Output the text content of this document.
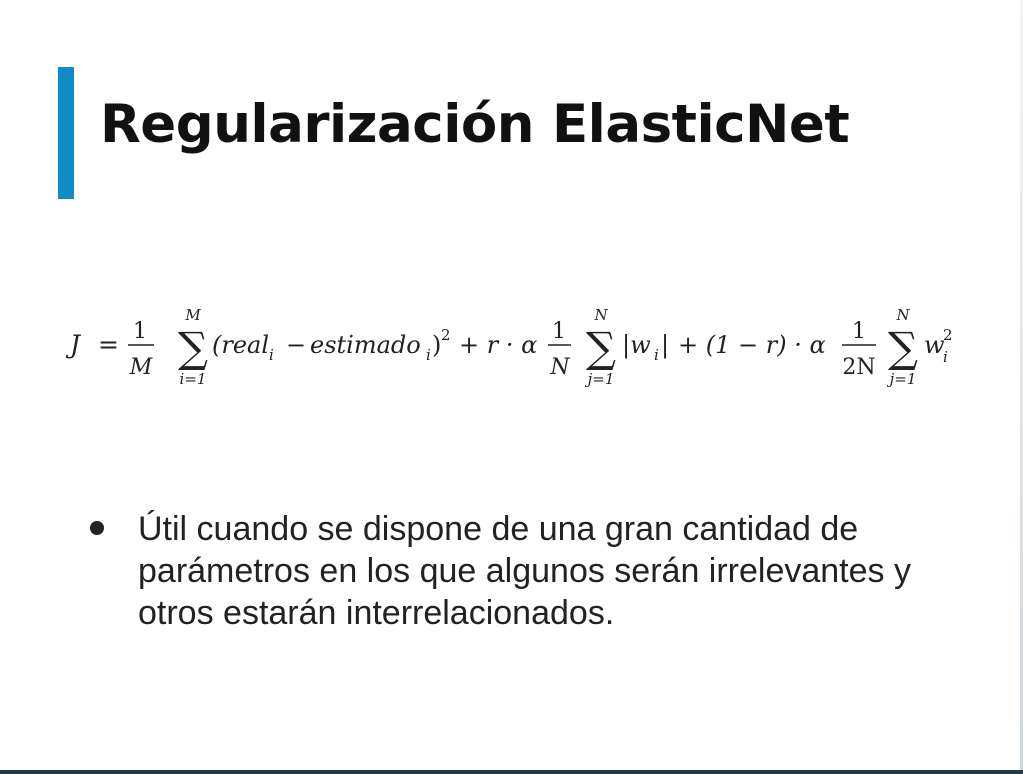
Regularización ElasticNet
J = 1
M
M
∑
i=1
(real i − estimado i ) 2 + r · α 1
N
N
∑
j=1
|w i | + (1 − r) · α 1
2N
N
∑
j=1
w
2
i
Útil cuando se dispone de una gran cantidad de parámetros en los que algunos serán irrelevantes y otros estarán interrelacionados.
